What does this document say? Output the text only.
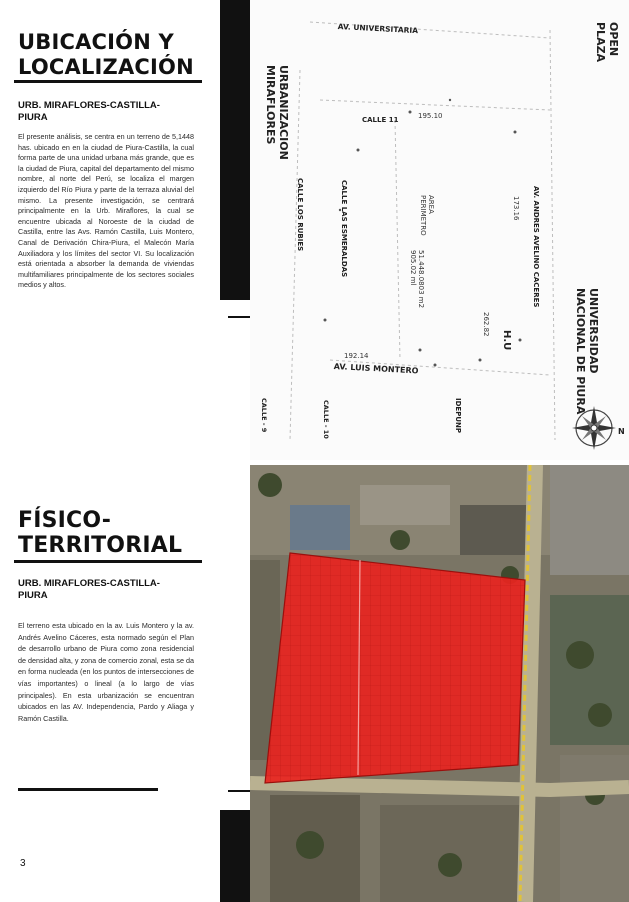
UBICACIÓN Y
LOCALIZACIÓN
URB. MIRAFLORES-CASTILLA-
PIURA

El presente análisis, se centra en un terreno de 5,1448 has. ubicado en en la ciudad de Piura-Castilla, la cual forma parte de una unidad urbana más grande, que es la ciudad de Piura, capital del departamento del mismo nombre, al norte del Perú, se localiza el margen izquierdo del Río Piura y parte de la terraza aluvial del mismo. La presente investigación, se centrará principalmente en la Urb. Miraflores, la cual se encuentre ubicada al Noroeste de la ciudad de Castilla, entre las Avs. Ramón Castilla, Luis Montero, Canal de Derivación Chira-Piura, el Malecón María Auxiliadora y los límites del sector VI. Su localización está orientada a absorber la demanda de viviendas multifamiliares principalmente de los sectores sociales medios y altos.

FÍSICO-
TERRITORIAL
URB. MIRAFLORES-CASTILLA-
PIURA

El terreno esta ubicado en la av. Luis Montero y la av. Andrés Avelino Cáceres, esta normado según el Plan de desarrollo urbano de Piura como zona residencial de densidad alta, y zona de comercio zonal, esta se da en forma nucleada (en los puntos de intersecciones de vías importantes) o lineal (a lo largo de vías principales). En esta urbanización se encuentran ubicados en las AV. Independencia, Pardo y Aliaga y Ramón Castilla.

3
N
AV. UNIVERSITARIA	OPEN
PLAZA
URBANIZACION
MIRAFLORES	CALLE 11	195.10
CALLE LOS RUBIES	CALLE LAS ESMERALDAS	AREA
PERIMETRO
51.448.0803 m2
905.02 ml	AV. ANDRES AVELINO CACERES
173.16
262.82
H.U	UNIVERSIDAD
NACIONAL DE PIURA
192.14
AV. LUIS MONTERO
CALLE - 9	CALLE - 10	IDEPUNP
